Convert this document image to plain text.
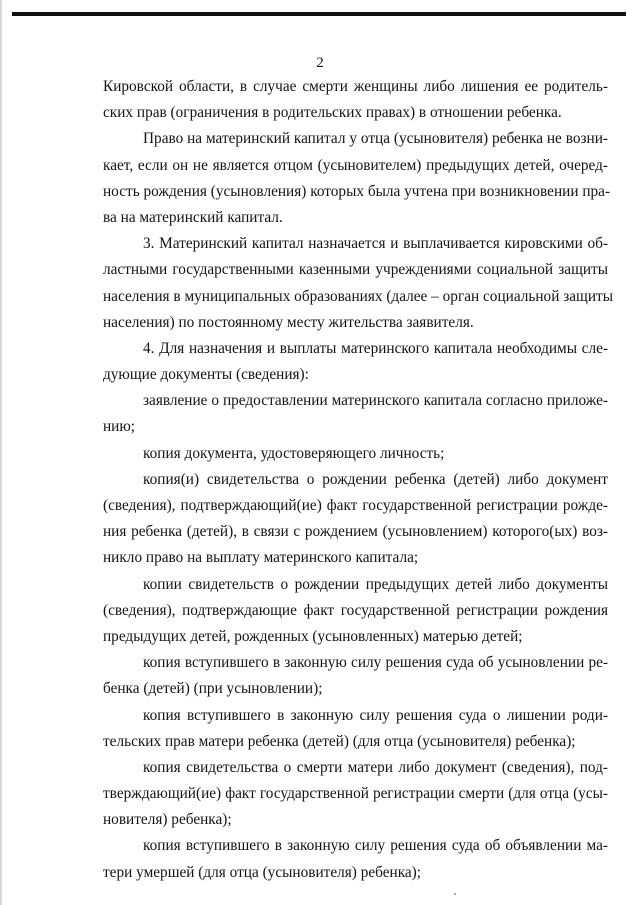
2
Кировской области, в случае смерти женщины либо лишения ее родитель-
ских прав (ограничения в родительских правах) в отношении ребенка.
Право на материнский капитал у отца (усыновителя) ребенка не возни-
кает, если он не является отцом (усыновителем) предыдущих детей, очеред-
ность рождения (усыновления) которых была учтена при возникновении пра-
ва на материнский капитал.
3. Материнский капитал назначается и выплачивается кировскими об-
ластными государственными казенными учреждениями социальной защиты
населения в муниципальных образованиях (далее – орган социальной защиты
населения) по постоянному месту жительства заявителя.
4. Для назначения и выплаты материнского капитала необходимы сле-
дующие документы (сведения):
заявление о предоставлении материнского капитала согласно приложе-
нию;
копия документа, удостоверяющего личность;
копия(и) свидетельства о рождении ребенка (детей) либо документ
(сведения), подтверждающий(ие) факт государственной регистрации рожде-
ния ребенка (детей), в связи с рождением (усыновлением) которого(ых) воз-
никло право на выплату материнского капитала;
копии свидетельств о рождении предыдущих детей либо документы
(сведения), подтверждающие факт государственной регистрации рождения
предыдущих детей, рожденных (усыновленных) матерью детей;
копия вступившего в законную силу решения суда об усыновлении ре-
бенка (детей) (при усыновлении);
копия вступившего в законную силу решения суда о лишении роди-
тельских прав матери ребенка (детей) (для отца (усыновителя) ребенка);
копия свидетельства о смерти матери либо документ (сведения), под-
тверждающий(ие) факт государственной регистрации смерти (для отца (усы-
новителя) ребенка);
копия вступившего в законную силу решения суда об объявлении ма-
тери умершей (для отца (усыновителя) ребенка);
